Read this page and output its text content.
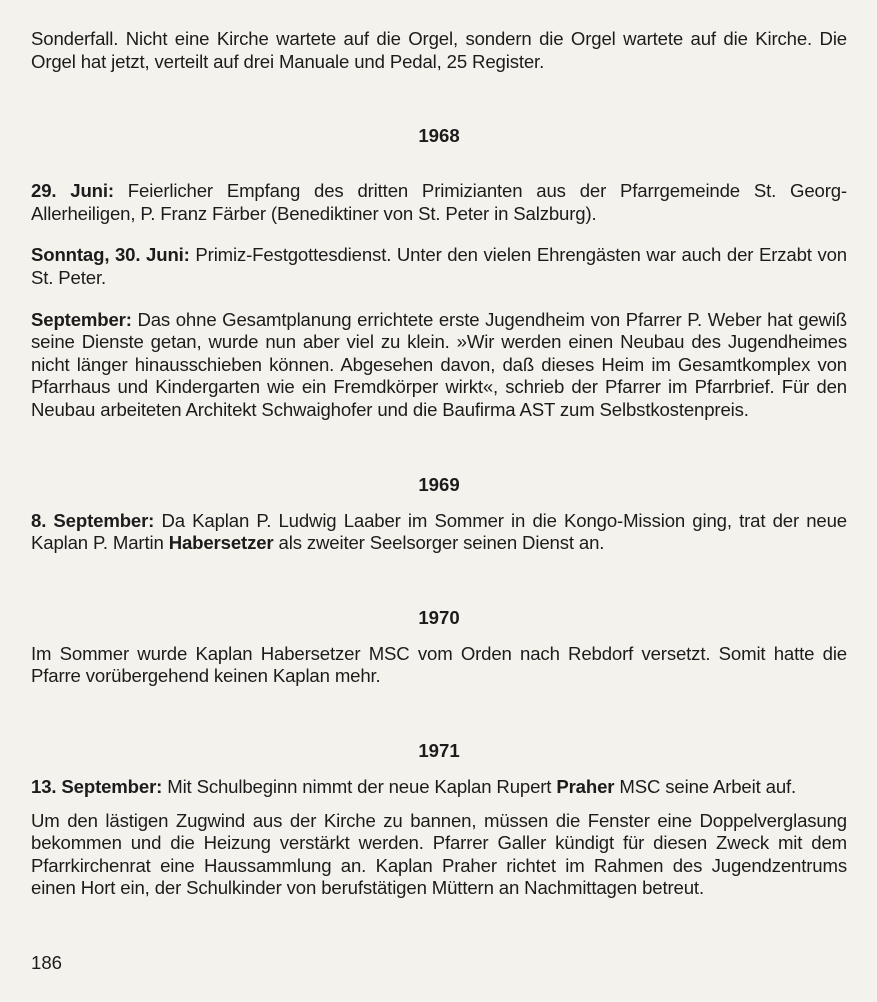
Sonderfall. Nicht eine Kirche wartete auf die Orgel, sondern die Orgel wartete auf die Kirche. Die Orgel hat jetzt, verteilt auf drei Manuale und Pedal, 25 Register.

1968

29. Juni: Feierlicher Empfang des dritten Primizianten aus der Pfarrgemeinde St. Georg-Allerheiligen, P. Franz Färber (Benediktiner von St. Peter in Salzburg).

Sonntag, 30. Juni: Primiz-Festgottesdienst. Unter den vielen Ehrengästen war auch der Erzabt von St. Peter.

September: Das ohne Gesamtplanung errichtete erste Jugendheim von Pfarrer P. Weber hat gewiß seine Dienste getan, wurde nun aber viel zu klein. »Wir werden einen Neubau des Jugendheimes nicht länger hinausschieben können. Abgesehen davon, daß dieses Heim im Gesamtkomplex von Pfarrhaus und Kindergarten wie ein Fremdkörper wirkt«, schrieb der Pfarrer im Pfarrbrief. Für den Neubau arbeiteten Architekt Schwaighofer und die Baufirma AST zum Selbstkostenpreis.

1969

8. September: Da Kaplan P. Ludwig Laaber im Sommer in die Kongo-Mission ging, trat der neue Kaplan P. Martin Habersetzer als zweiter Seelsorger seinen Dienst an.

1970

Im Sommer wurde Kaplan Habersetzer MSC vom Orden nach Rebdorf versetzt. Somit hatte die Pfarre vorübergehend keinen Kaplan mehr.

1971

13. September: Mit Schulbeginn nimmt der neue Kaplan Rupert Praher MSC seine Arbeit auf.

Um den lästigen Zugwind aus der Kirche zu bannen, müssen die Fenster eine Doppelverglasung bekommen und die Heizung verstärkt werden. Pfarrer Galler kündigt für diesen Zweck mit dem Pfarrkirchenrat eine Haussammlung an. Kaplan Praher richtet im Rahmen des Jugendzentrums einen Hort ein, der Schulkinder von berufstätigen Müttern an Nachmittagen betreut.

186
